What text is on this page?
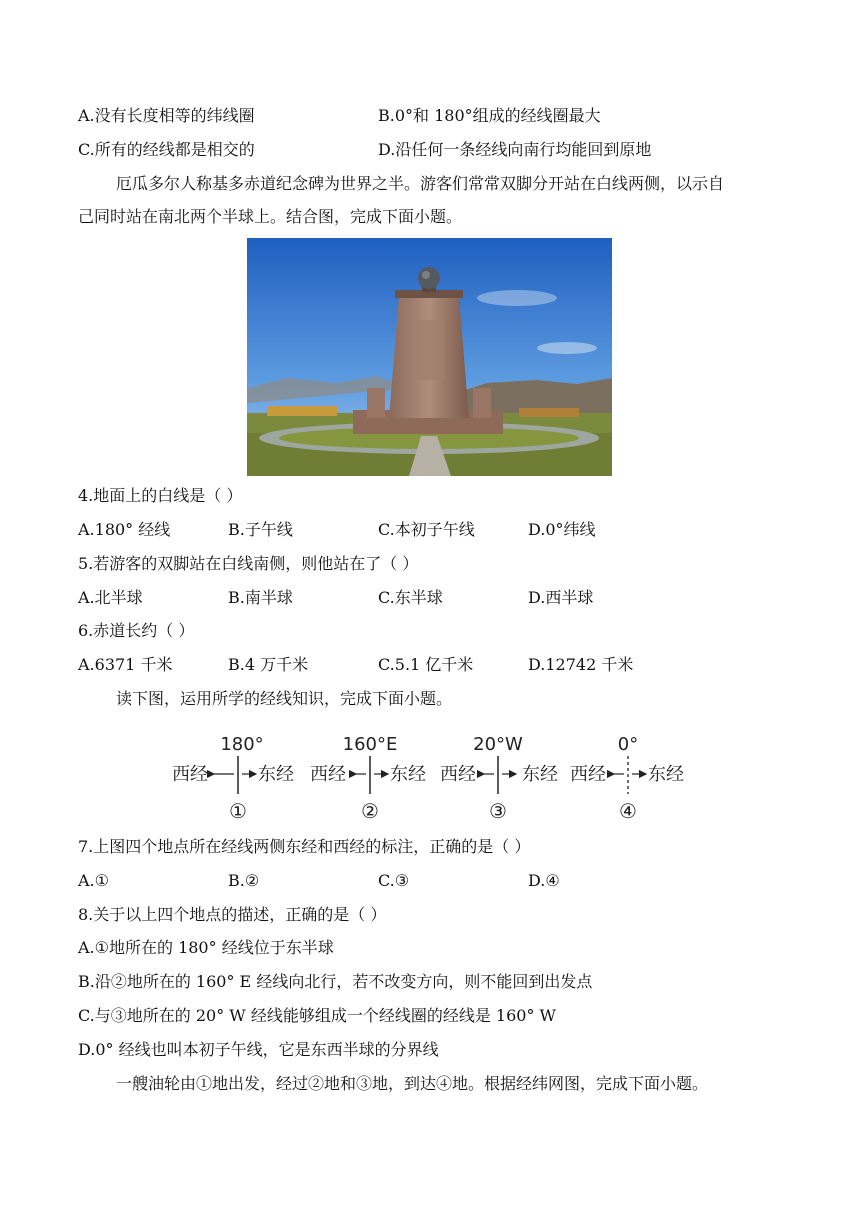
A.没有长度相等的纬线圈	B.0°和 180°组成的经线圈最大
C.所有的经线都是相交的	D.沿任何一条经线向南行均能回到原地
厄瓜多尔人称基多赤道纪念碑为世界之半。游客们常常双脚分开站在白线两侧，以示自
己同时站在南北两个半球上。结合图，完成下面小题。
4.地面上的白线是（ ）
A.180° 经线	B.子午线	C.本初子午线	D.0°纬线
5.若游客的双脚站在白线南侧，则他站在了（ ）
A.北半球	B.南半球	C.东半球	D.西半球
6.赤道长约（ ）
A.6371 千米	B.4 万千米	C.5.1 亿千米	D.12742 千米
读下图，运用所学的经线知识，完成下面小题。
180°
西经	东经
①
160°E
西经 东经
②
20°W
西经	东经
③
0°
西经 东经
④
7.上图四个地点所在经线两侧东经和西经的标注，正确的是（ ）
A.①	B.②	C.③	D.④
8.关于以上四个地点的描述，正确的是（ ）
A.①地所在的 180° 经线位于东半球
B.沿②地所在的 160° E 经线向北行，若不改变方向，则不能回到出发点
C.与③地所在的 20° W 经线能够组成一个经线圈的经线是 160° W
D.0° 经线也叫本初子午线，它是东西半球的分界线
一艘油轮由①地出发，经过②地和③地，到达④地。根据经纬网图，完成下面小题。
